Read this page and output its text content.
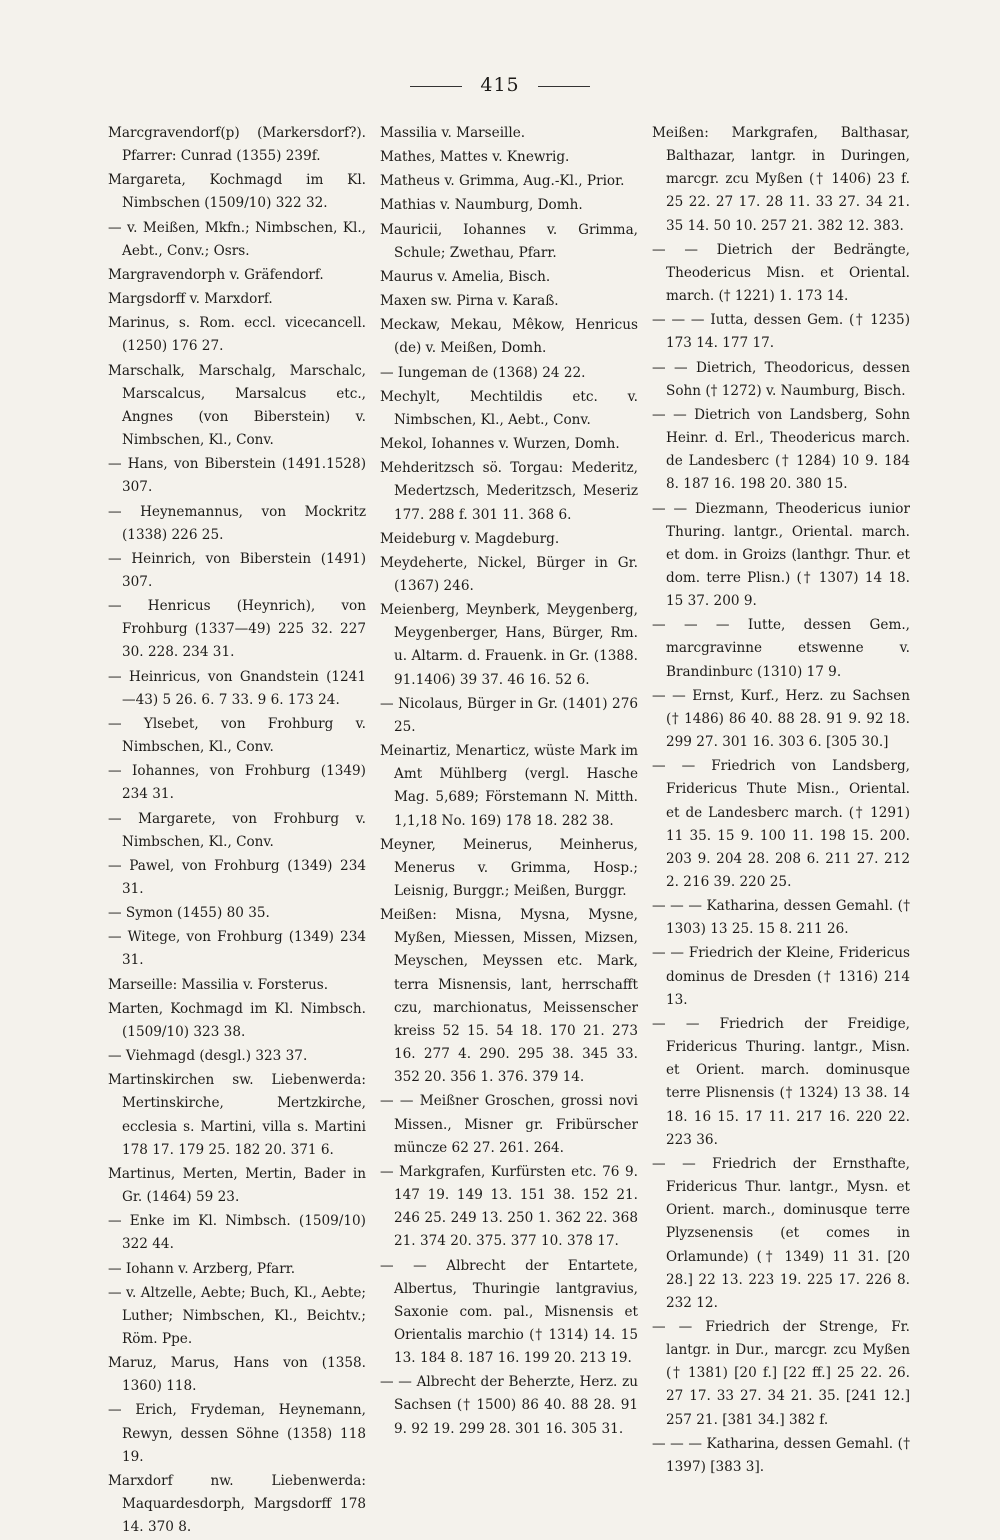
415
Marcgravendorf(p) (Markersdorf?). Pfarrer: Cunrad (1355) 239f.
Margareta, Kochmagd im Kl. Nimbschen (1509/10) 322 32.
— v. Meißen, Mkfn.; Nimbschen, Kl., Aebt., Conv.; Osrs.
Margravendorph v. Gräfendorf.
Margsdorff v. Marxdorf.
Marinus, s. Rom. eccl. vicecancell. (1250) 176 27.
Marschalk, Marschalg, Marschalc, Marscalcus, Marsalcus etc., Angnes (von Biberstein) v. Nimbschen, Kl., Conv.
— Hans, von Biberstein (1491.1528) 307.
— Heynemannus, von Mockritz (1338) 226 25.
— Heinrich, von Biberstein (1491) 307.
— Henricus (Heynrich), von Frohburg (1337—49) 225 32. 227 30. 228. 234 31.
— Heinricus, von Gnandstein (1241 —43) 5 26. 6. 7 33. 9 6. 173 24.
— Ylsebet, von Frohburg v. Nimbschen, Kl., Conv.
— Iohannes, von Frohburg (1349) 234 31.
— Margarete, von Frohburg v. Nimbschen, Kl., Conv.
— Pawel, von Frohburg (1349) 234 31.
— Symon (1455) 80 35.
— Witege, von Frohburg (1349) 234 31.
Marseille: Massilia v. Forsterus.
Marten, Kochmagd im Kl. Nimbsch. (1509/10) 323 38.
— Viehmagd (desgl.) 323 37.
Martinskirchen sw. Liebenwerda: Mertinskirche, Mertzkirche, ecclesia s. Martini, villa s. Martini 178 17. 179 25. 182 20. 371 6.
Martinus, Merten, Mertin, Bader in Gr. (1464) 59 23.
— Enke im Kl. Nimbsch. (1509/10) 322 44.
— Iohann v. Arzberg, Pfarr.
— v. Altzelle, Aebte; Buch, Kl., Aebte; Luther; Nimbschen, Kl., Beichtv.; Röm. Ppe.
Maruz, Marus, Hans von (1358. 1360) 118.
— Erich, Frydeman, Heynemann, Rewyn, dessen Söhne (1358) 118 19.
Marxdorf nw. Liebenwerda: Maquardesdorph, Margsdorff 178 14. 370 8.
Massilia v. Marseille.
Mathes, Mattes v. Knewrig.
Matheus v. Grimma, Aug.-Kl., Prior.
Mathias v. Naumburg, Domh.
Mauricii, Iohannes v. Grimma, Schule; Zwethau, Pfarr.
Maurus v. Amelia, Bisch.
Maxen sw. Pirna v. Karaß.
Meckaw, Mekau, Mêkow, Henricus (de) v. Meißen, Domh.
— Iungeman de (1368) 24 22.
Mechylt, Mechtildis etc. v. Nimbschen, Kl., Aebt., Conv.
Mekol, Iohannes v. Wurzen, Domh.
Mehderitzsch sö. Torgau: Mederitz, Medertzsch, Mederitzsch, Meseriz 177. 288 f. 301 11. 368 6.
Meideburg v. Magdeburg.
Meydeherte, Nickel, Bürger in Gr. (1367) 246.
Meienberg, Meynberk, Meygenberg, Meygenberger, Hans, Bürger, Rm. u. Altarm. d. Frauenk. in Gr. (1388. 91.1406) 39 37. 46 16. 52 6.
— Nicolaus, Bürger in Gr. (1401) 276 25.
Meinartiz, Menarticz, wüste Mark im Amt Mühlberg (vergl. Hasche Mag. 5,689; Förstemann N. Mitth. 1,1,18 No. 169) 178 18. 282 38.
Meyner, Meinerus, Meinherus, Menerus v. Grimma, Hosp.; Leisnig, Burggr.; Meißen, Burggr.
Meißen: Misna, Mysna, Mysne, Myßen, Miessen, Missen, Mizsen, Meyschen, Meyssen etc. Mark, terra Misnensis, lant, herrschafft czu, marchionatus, Meissenscher kreiss 52 15. 54 18. 170 21. 273 16. 277 4. 290. 295 38. 345 33. 352 20. 356 1. 376. 379 14.
— — Meißner Groschen, grossi novi Missen., Misner gr. Fribürscher müncze 62 27. 261. 264.
— Markgrafen, Kurfürsten etc. 76 9. 147 19. 149 13. 151 38. 152 21. 246 25. 249 13. 250 1. 362 22. 368 21. 374 20. 375. 377 10. 378 17.
— — Albrecht der Entartete, Albertus, Thuringie lantgravius, Saxonie com. pal., Misnensis et Orientalis marchio († 1314) 14. 15 13. 184 8. 187 16. 199 20. 213 19.
— — Albrecht der Beherzte, Herz. zu Sachsen († 1500) 86 40. 88 28. 91 9. 92 19. 299 28. 301 16. 305 31.
Meißen: Markgrafen, Balthasar, Balthazar, lantgr. in Duringen, marcgr. zcu Myßen († 1406) 23 f. 25 22. 27 17. 28 11. 33 27. 34 21. 35 14. 50 10. 257 21. 382 12. 383.
— — Dietrich der Bedrängte, Theodericus Misn. et Oriental. march. († 1221) 1. 173 14.
— — — Iutta, dessen Gem. († 1235) 173 14. 177 17.
— — Dietrich, Theodoricus, dessen Sohn († 1272) v. Naumburg, Bisch.
— — Dietrich von Landsberg, Sohn Heinr. d. Erl., Theodericus march. de Landesberc († 1284) 10 9. 184 8. 187 16. 198 20. 380 15.
— — Diezmann, Theodericus iunior Thuring. lantgr., Oriental. march. et dom. in Groizs (lanthgr. Thur. et dom. terre Plisn.) († 1307) 14 18. 15 37. 200 9.
— — — Iutte, dessen Gem., marcgravinne etswenne v. Brandinburc (1310) 17 9.
— — Ernst, Kurf., Herz. zu Sachsen († 1486) 86 40. 88 28. 91 9. 92 18. 299 27. 301 16. 303 6. [305 30.]
— — Friedrich von Landsberg, Fridericus Thute Misn., Oriental. et de Landesberc march. († 1291) 11 35. 15 9. 100 11. 198 15. 200. 203 9. 204 28. 208 6. 211 27. 212 2. 216 39. 220 25.
— — — Katharina, dessen Gemahl. († 1303) 13 25. 15 8. 211 26.
— — Friedrich der Kleine, Fridericus dominus de Dresden († 1316) 214 13.
— — Friedrich der Freidige, Fridericus Thuring. lantgr., Misn. et Orient. march. dominusque terre Plisnensis († 1324) 13 38. 14 18. 16 15. 17 11. 217 16. 220 22. 223 36.
— — Friedrich der Ernsthafte, Fridericus Thur. lantgr., Mysn. et Orient. march., dominusque terre Plyzsenensis (et comes in Orlamunde) († 1349) 11 31. [20 28.] 22 13. 223 19. 225 17. 226 8. 232 12.
— — Friedrich der Strenge, Fr. lantgr. in Dur., marcgr. zcu Myßen († 1381) [20 f.] [22 ff.] 25 22. 26. 27 17. 33 27. 34 21. 35. [241 12.] 257 21. [381 34.] 382 f.
— — — Katharina, dessen Gemahl. († 1397) [383 3].
